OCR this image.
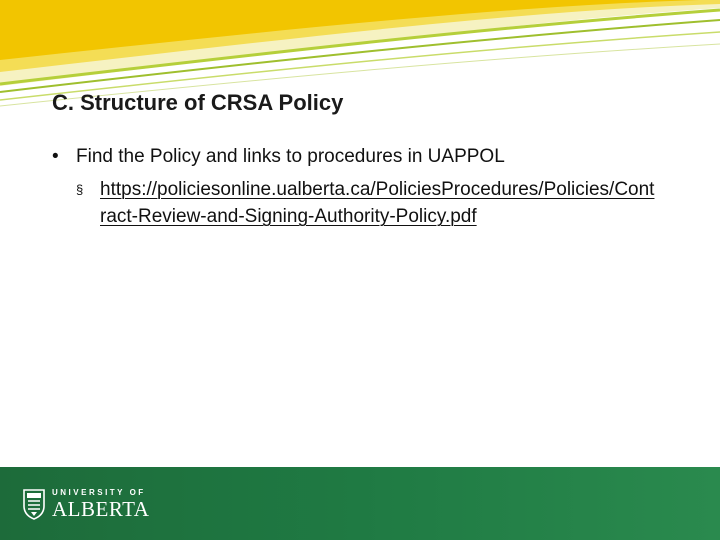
C. Structure of CRSA Policy
• Find the Policy and links to procedures in UAPPOL
§ https://policiesonline.ualberta.ca/PoliciesProcedures/Policies/Contract-Review-and-Signing-Authority-Policy.pdf
UNIVERSITY OF
ALBERTA
